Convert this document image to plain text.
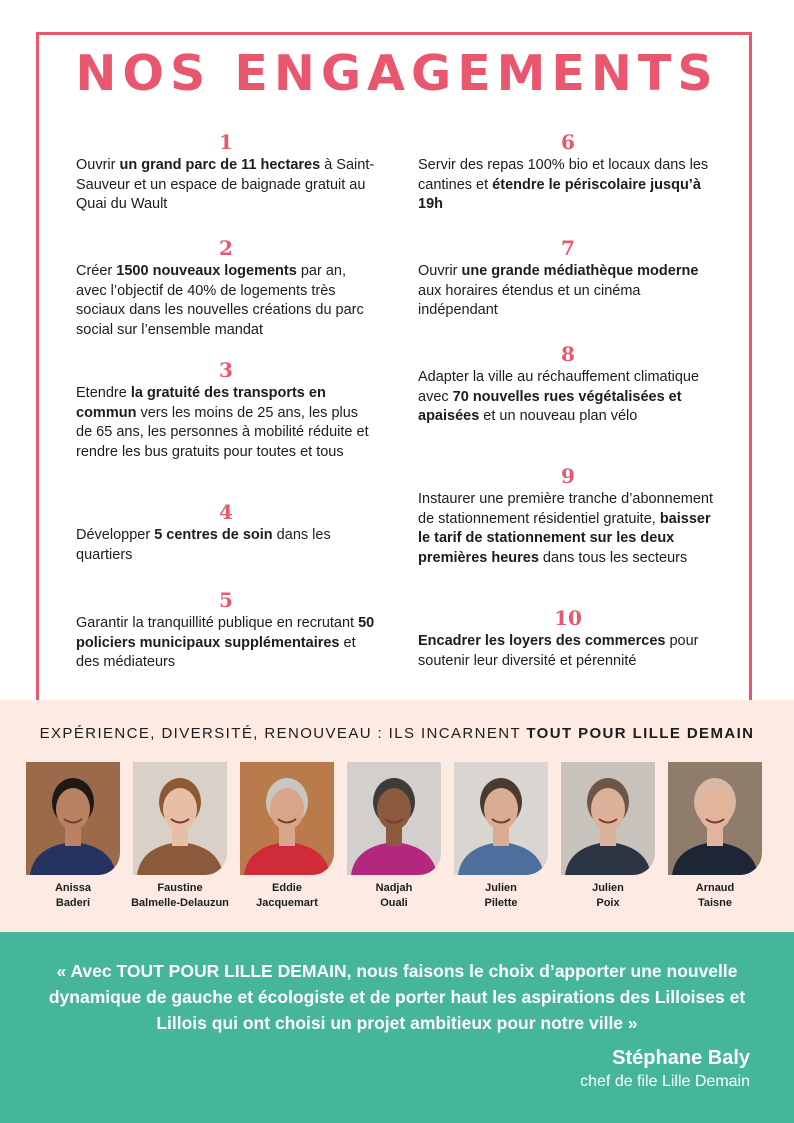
NOS ENGAGEMENTS
1
Ouvrir un grand parc de 11 hectares à Saint-Sauveur et un espace de baignade gratuit au Quai du Wault
2
Créer 1500 nouveaux logements par an, avec l’objectif de 40% de logements très sociaux dans les nouvelles créations du parc social sur l’ensemble mandat
3
Etendre la gratuité des transports en commun vers les moins de 25 ans, les plus de 65 ans, les personnes à mobilité réduite et rendre les bus gratuits pour toutes et tous
4
Développer 5 centres de soin dans les quartiers
5
Garantir la tranquillité publique en recrutant 50 policiers municipaux supplémentaires et des médiateurs
6
Servir des repas 100% bio et locaux dans les cantines et étendre le périscolaire jusqu’à 19h
7
Ouvrir une grande médiathèque moderne aux horaires étendus et un cinéma indépendant
8
Adapter la ville au réchauffement climatique avec 70 nouvelles rues végétalisées et apaisées et un nouveau plan vélo
9
Instaurer une première tranche d’abonnement de stationnement résidentiel gratuite, baisser le tarif de stationnement sur les deux premières heures dans tous les secteurs
10
Encadrer les loyers des commerces pour soutenir leur diversité et pérennité

EXPÉRIENCE, DIVERSITÉ, RENOUVEAU : ILS INCARNENT TOUT POUR LILLE DEMAIN

Anissa
Baderi
Faustine
Balmelle-Delauzun
Eddie
Jacquemart
Nadjah
Ouali
Julien
Pilette
Julien
Poix
Arnaud
Taisne

« Avec TOUT POUR LILLE DEMAIN, nous faisons le choix d’apporter une nouvelle dynamique de gauche et écologiste et de porter haut les aspirations des Lilloises et Lillois qui ont choisi un projet ambitieux pour notre ville »

Stéphane Baly
chef de file Lille Demain
